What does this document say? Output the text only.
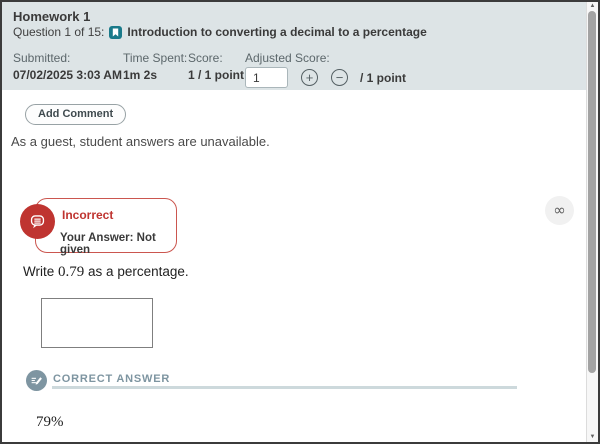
Homework 1
Question 1 of 15: Introduction to converting a decimal to a percentage
Submitted:
07/02/2025 3:03 AM
Time Spent:
1m 2s
Score:
1 / 1 point
Adjusted Score:
1
+ − / 1 point
Add Comment
As a guest, student answers are unavailable.
Incorrect
Your Answer: Not given
∞
Write 0.79 as a percentage.
CORRECT ANSWER
79%
▲
▼
